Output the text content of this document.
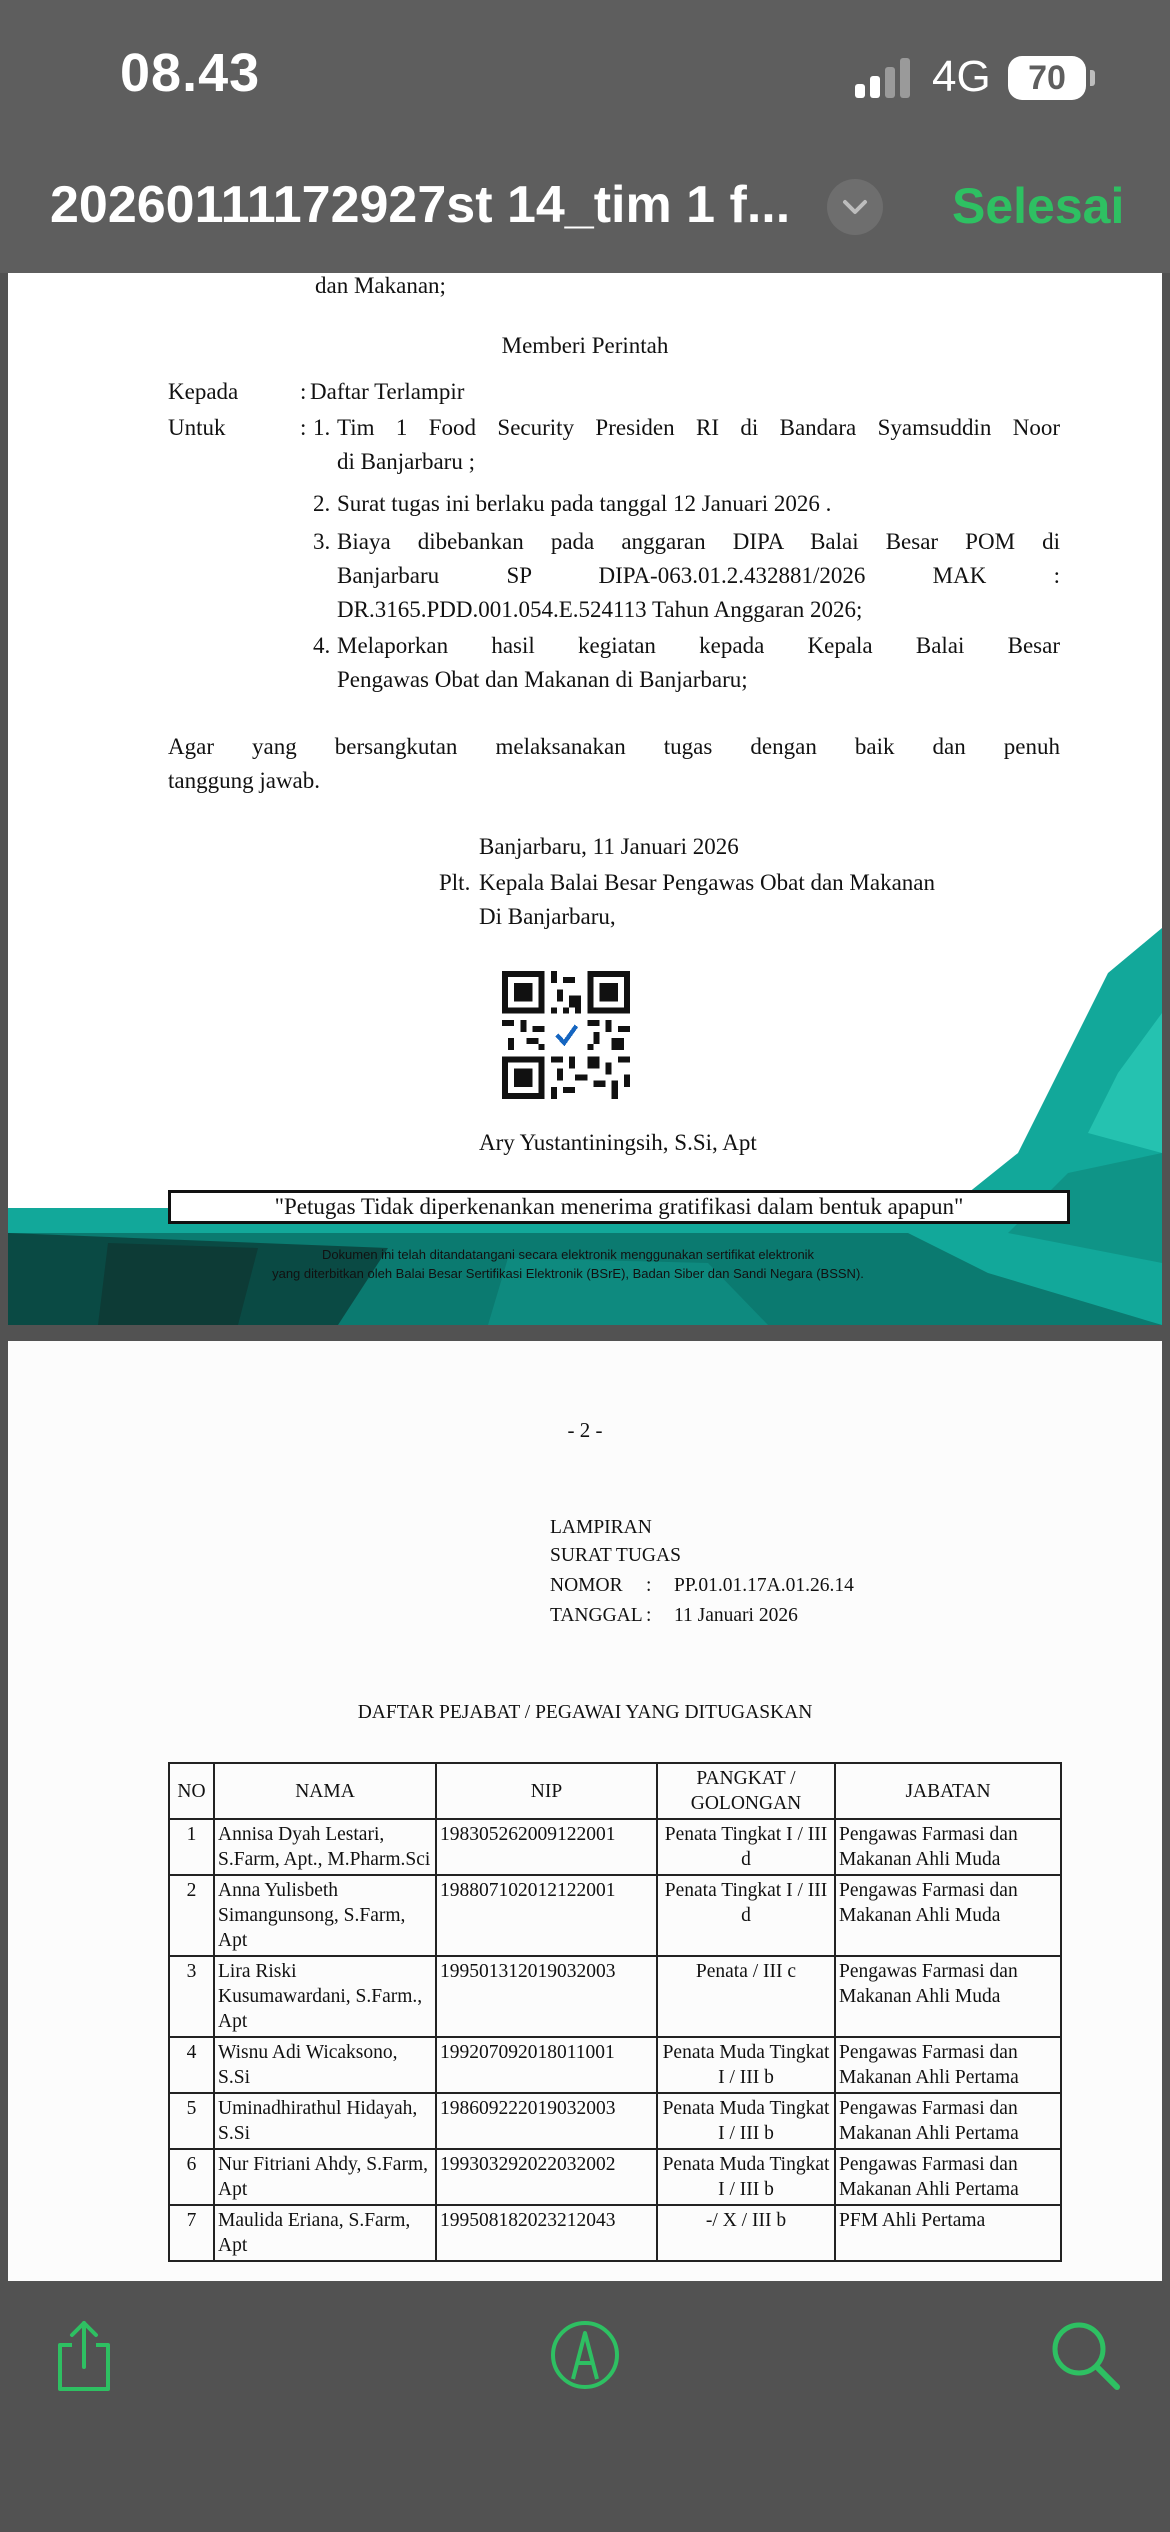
08.43	4G	70
20260111172927st 14_tim 1 f...	Selesai
dan Makanan;
Memberi Perintah
Kepada	: Daftar Terlampir
Untuk	: 1. Tim 1 Food Security Presiden RI di Bandara Syamsuddin Noor
di Banjarbaru ;
2. Surat tugas ini berlaku pada tanggal 12 Januari 2026 .
3. Biaya dibebankan pada anggaran DIPA Balai Besar POM di
Banjarbaru SP DIPA-063.01.2.432881/2026 MAK :
DR.3165.PDD.001.054.E.524113 Tahun Anggaran 2026;
4. Melaporkan hasil kegiatan kepada Kepala Balai Besar
Pengawas Obat dan Makanan di Banjarbaru;
Agar yang bersangkutan melaksanakan tugas dengan baik dan penuh
tanggung jawab.
Banjarbaru, 11 Januari 2026
Plt. Kepala Balai Besar Pengawas Obat dan Makanan
Di Banjarbaru,
Ary Yustantiningsih, S.Si, Apt
"Petugas Tidak diperkenankan menerima gratifikasi dalam bentuk apapun"
Dokumen ini telah ditandatangani secara elektronik menggunakan sertifikat elektronik
yang diterbitkan oleh Balai Besar Sertifikasi Elektronik (BSrE), Badan Siber dan Sandi Negara (BSSN).
- 2 -
LAMPIRAN
SURAT TUGAS
NOMOR : PP.01.01.17A.01.26.14
TANGGAL : 11 Januari 2026
DAFTAR PEJABAT / PEGAWAI YANG DITUGASKAN
NO	NAMA	NIP	PANGKAT / GOLONGAN	JABATAN
1	Annisa Dyah Lestari, S.Farm, Apt., M.Pharm.Sci	198305262009122001	Penata Tingkat I / III d	Pengawas Farmasi dan Makanan Ahli Muda
2	Anna Yulisbeth Simangunsong, S.Farm, Apt	198807102012122001	Penata Tingkat I / III d	Pengawas Farmasi dan Makanan Ahli Muda
3	Lira Riski Kusumawardani, S.Farm., Apt	199501312019032003	Penata / III c	Pengawas Farmasi dan Makanan Ahli Muda
4	Wisnu Adi Wicaksono, S.Si	199207092018011001	Penata Muda Tingkat I / III b	Pengawas Farmasi dan Makanan Ahli Pertama
5	Uminadhirathul Hidayah, S.Si	198609222019032003	Penata Muda Tingkat I / III b	Pengawas Farmasi dan Makanan Ahli Pertama
6	Nur Fitriani Ahdy, S.Farm, Apt	199303292022032002	Penata Muda Tingkat I / III b	Pengawas Farmasi dan Makanan Ahli Pertama
7	Maulida Eriana, S.Farm, Apt	199508182023212043	-/ X / III b	PFM Ahli Pertama
